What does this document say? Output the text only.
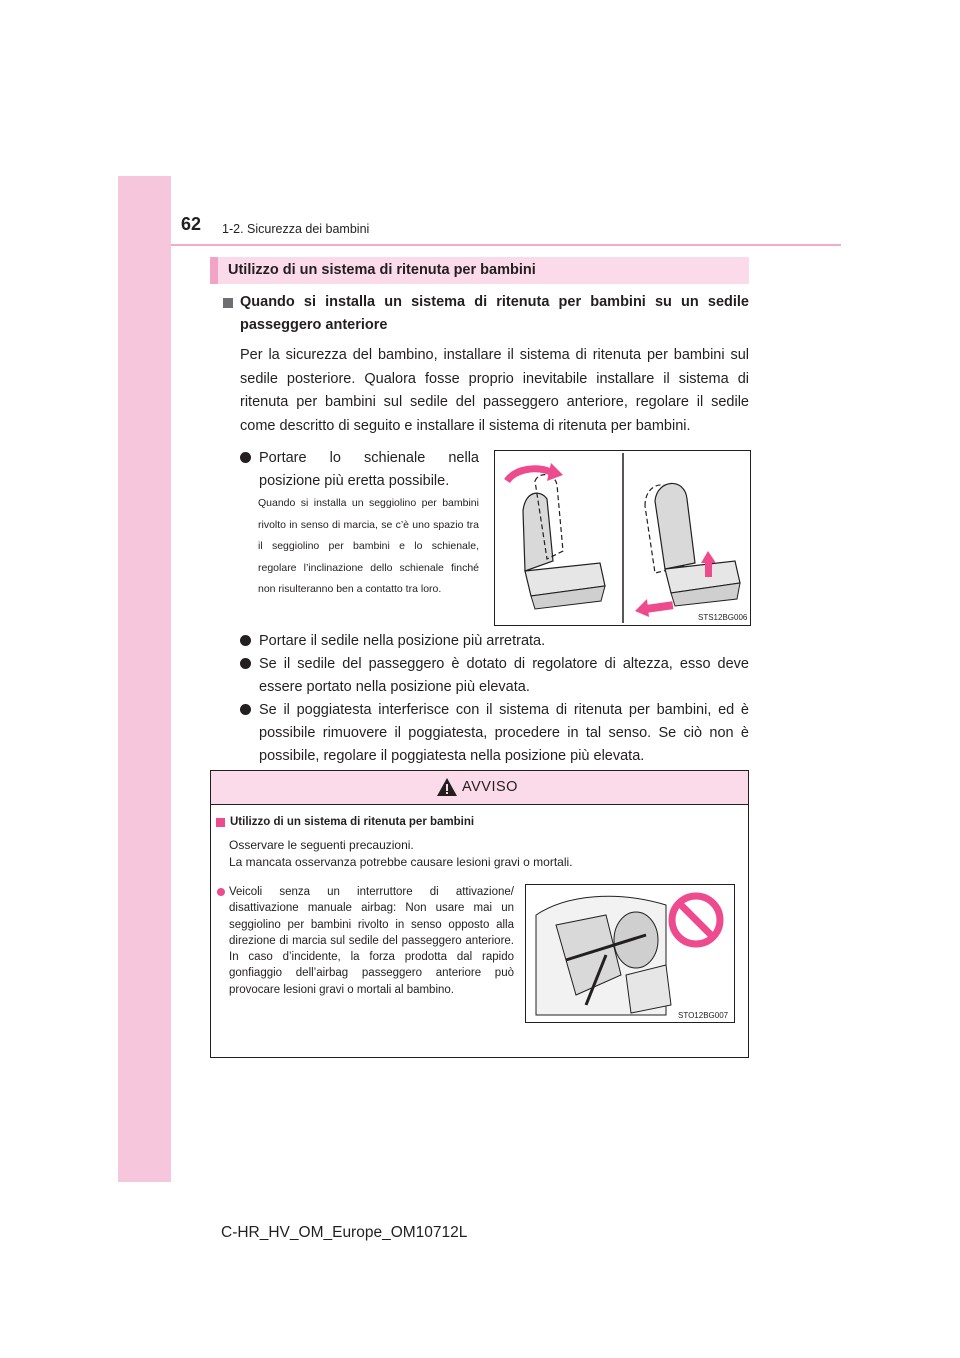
62 1-2. Sicurezza dei bambini
Utilizzo di un sistema di ritenuta per bambini
Quando si installa un sistema di ritenuta per bambini su un sedile passeggero anteriore
Per la sicurezza del bambino, installare il sistema di ritenuta per bambini sul sedile posteriore. Qualora fosse proprio inevitabile installare il sistema di ritenuta per bambini sul sedile del passeggero anteriore, regolare il sedile come descritto di seguito e installare il sistema di ritenuta per bambini.
Portare lo schienale nella posizione più eretta possibile.
Quando si installa un seggiolino per bambini rivolto in senso di marcia, se c’è uno spazio tra il seggiolino per bambini e lo schienale, regolare l’inclinazione dello schienale finché non risulteranno ben a contatto tra loro.
STS12BG006
Portare il sedile nella posizione più arretrata.
Se il sedile del passeggero è dotato di regolatore di altezza, esso deve essere portato nella posizione più elevata.
Se il poggiatesta interferisce con il sistema di ritenuta per bambini, ed è possibile rimuovere il poggiatesta, procedere in tal senso. Se ciò non è possibile, regolare il poggiatesta nella posizione più elevata.
AVVISO
Utilizzo di un sistema di ritenuta per bambini
Osservare le seguenti precauzioni.
La mancata osservanza potrebbe causare lesioni gravi o mortali.
Veicoli senza un interruttore di attivazione/ disattivazione manuale airbag: Non usare mai un seggiolino per bambini rivolto in senso opposto alla direzione di marcia sul sedile del passeggero anteriore. In caso d’incidente, la forza prodotta dal rapido gonfiaggio dell’airbag passeggero anteriore può provocare lesioni gravi o mortali al bambino.
STO12BG007
C-HR_HV_OM_Europe_OM10712L
